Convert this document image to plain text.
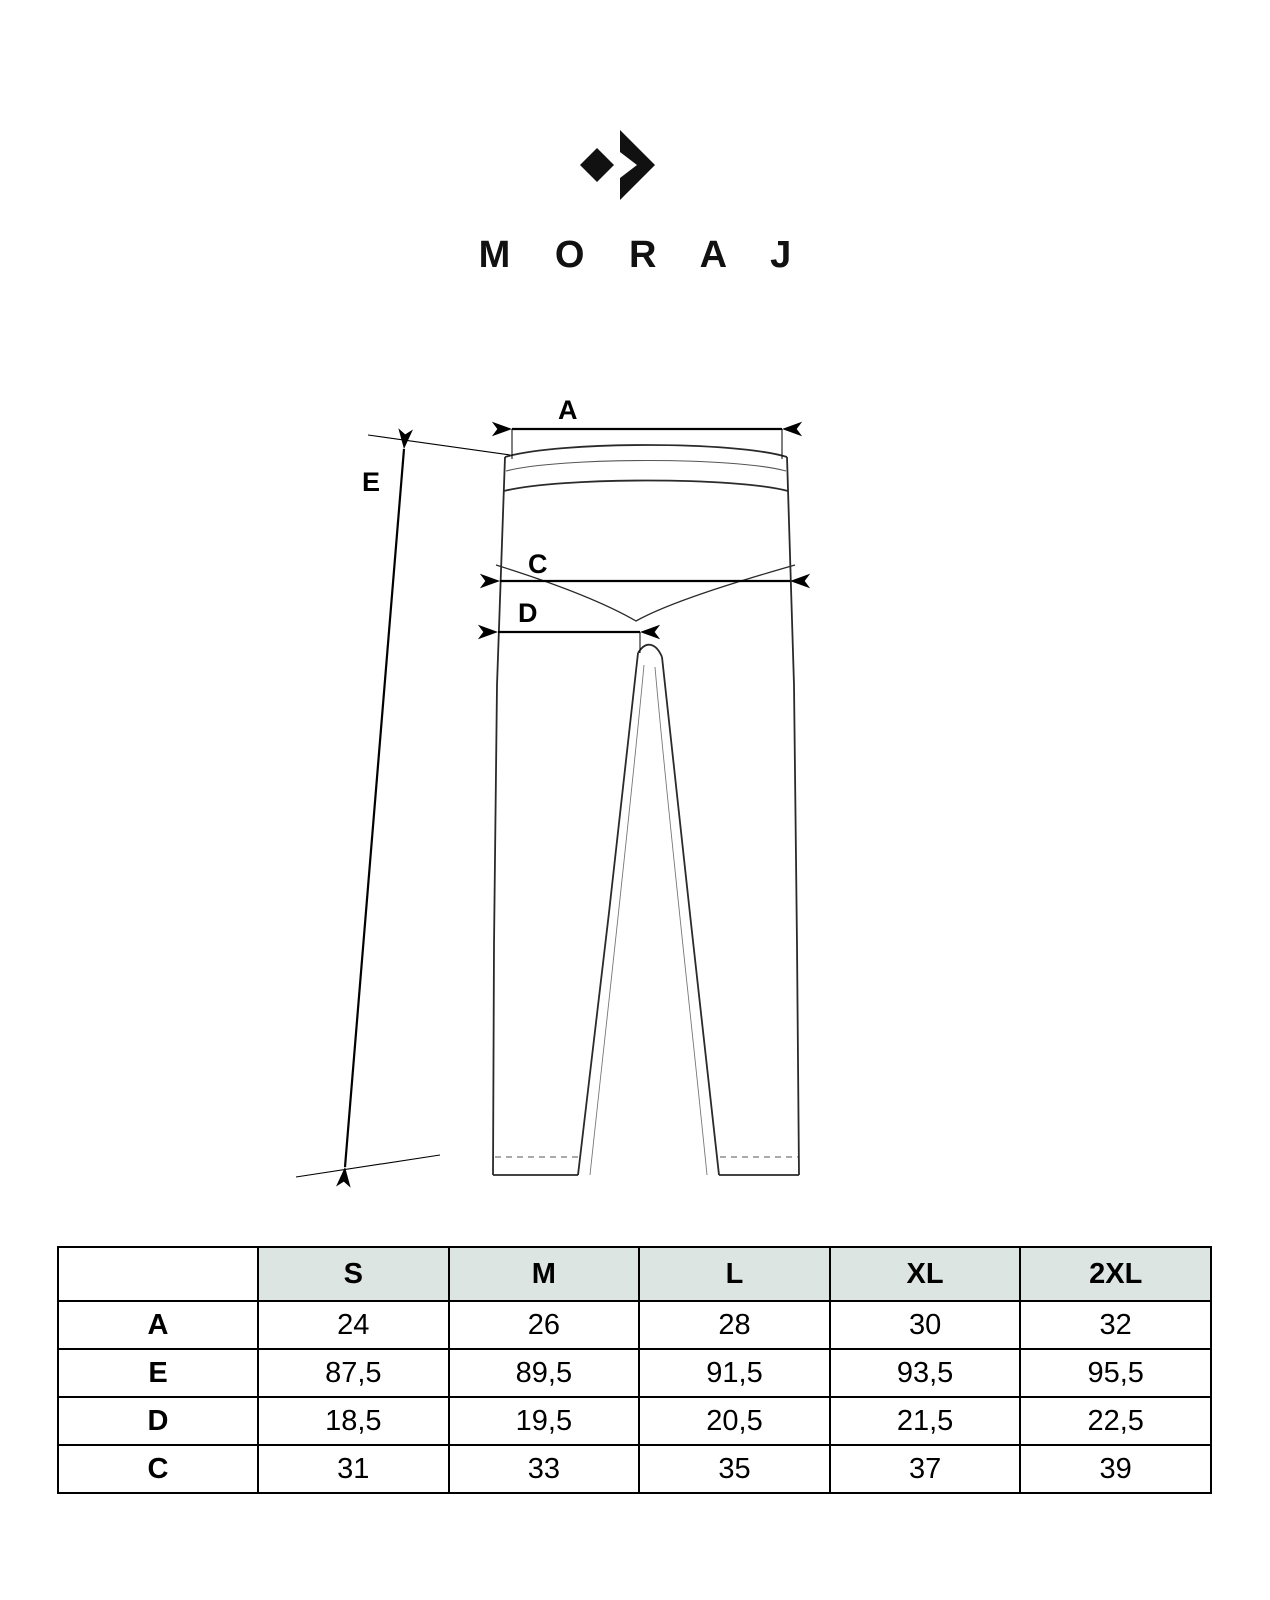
M O R A J
A
C
D
E
	S	M	L	XL	2XL
A	24	26	28	30	32
E	87,5	89,5	91,5	93,5	95,5
D	18,5	19,5	20,5	21,5	22,5
C	31	33	35	37	39
